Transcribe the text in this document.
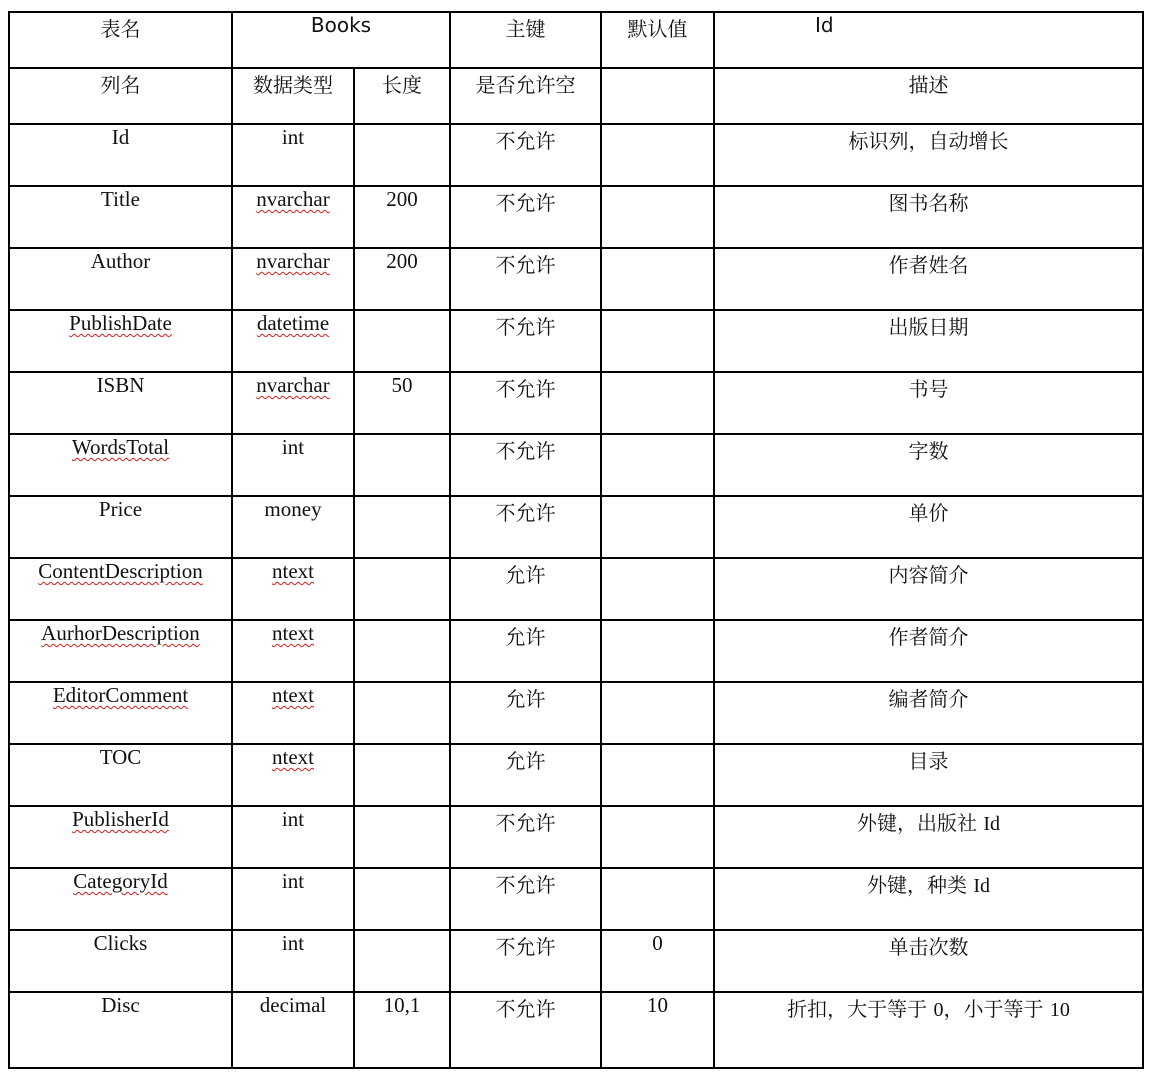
表名	Books		主键	默认值	Id
列名	数据类型	长度	是否允许空		描述
Id	int		不允许		标识列，自动增长
Title	nvarchar	200	不允许		图书名称
Author	nvarchar	200	不允许		作者姓名
PublishDate	datetime		不允许		出版日期
ISBN	nvarchar	50	不允许		书号
WordsTotal	int		不允许		字数
Price	money		不允许		单价
ContentDescription	ntext		允许		内容简介
AurhorDescription	ntext		允许		作者简介
EditorComment	ntext		允许		编者简介
TOC	ntext		允许		目录
PublisherId	int		不允许		外键，出版社 Id
CategoryId	int		不允许		外键，种类 Id
Clicks	int		不允许	0	单击次数
Disc	decimal	10,1	不允许	10	折扣，大于等于 0，小于等于 10
